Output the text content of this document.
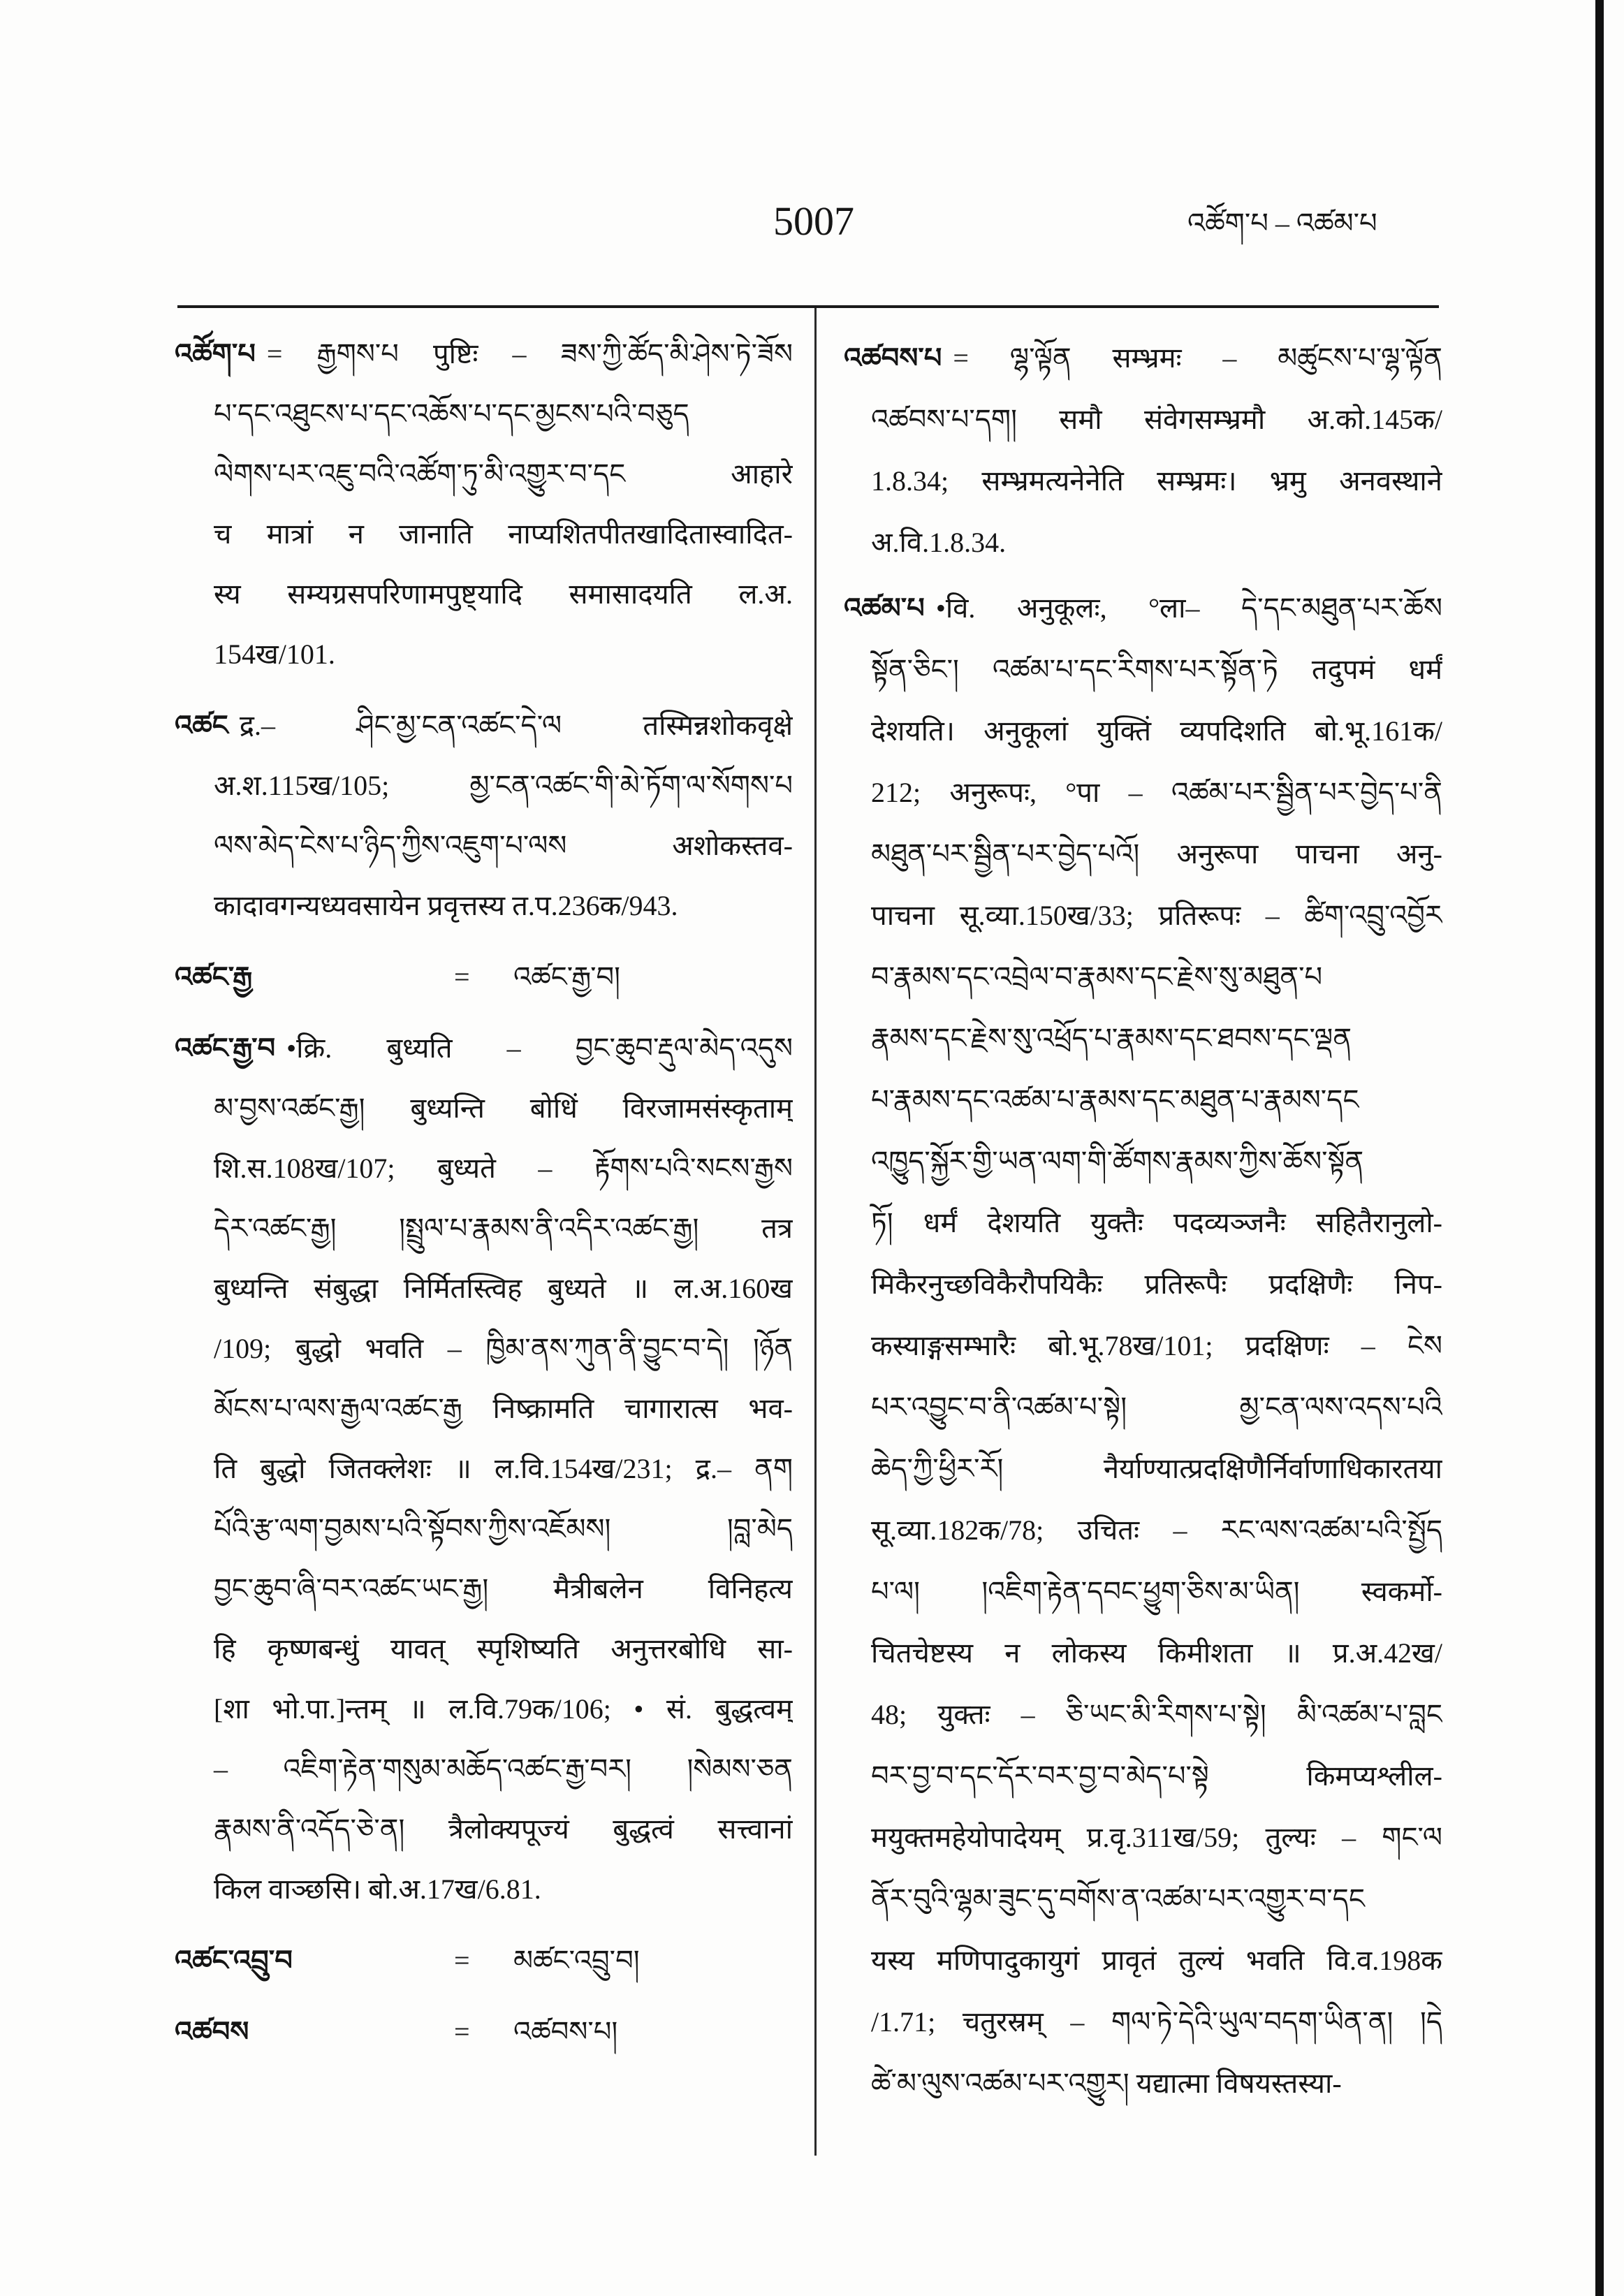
5007	འཚོག་པ – འཚམ་པ
འཚོག་པ = རྒྱགས་པ पुष्टिः – ཟས་ཀྱི་ཚོད་མི་ཤེས་ཏེ་ཟོས
པ་དང་འཐུངས་པ་དང་འཆོས་པ་དང་མྱངས་པའི་བཅུད
ལེགས་པར་འཇུ་བའི་འཚོག་ཏུ་མི་འགྱུར་བ་དང आहारे
च मात्रां न जानाति नाप्यशितपीतखादितास्वादित-
स्य सम्यग्रसपरिणामपुष्ट्यादि समासादयति ल.अ.
154ख/101.
འཚང द्र.– ཤིང་མྱ་ངན་འཚང་དེ་ལ तस्मिन्नशोकवृक्षे
अ.श.115ख/105; མྱ་ངན་འཚང་གི་མེ་ཏོག་ལ་སོགས་པ
ལས་མེད་ངེས་པ་ཉིད་ཀྱིས་འཇུག་པ་ལས अशोकस्तव-
कादावगन्यध्यवसायेन प्रवृत्तस्य त.प.236क/943.
འཚང་རྒྱ	= འཚང་རྒྱ་བ།
འཚང་རྒྱ་བ •क्रि. बुध्यति – བྱང་ཆུབ་རྡུལ་མེད་འདུས
མ་བྱས་འཚང་རྒྱ། बुध्यन्ति बोधिं विरजामसंस्कृताम्
शि.स.108ख/107; बुध्यते – རྟོགས་པའི་སངས་རྒྱས
དེར་འཚང་རྒྱ། །སྤྲུལ་པ་རྣམས་ནི་འདིར་འཚང་རྒྱ། तत्र
बुध्यन्ति संबुद्धा निर्मितस्त्विह बुध्यते ॥ ल.अ.160ख
/109; बुद्धो भवति – ཁྱིམ་ནས་ཀུན་ནི་བྱུང་བ་དེ། །ཉོན
མོངས་པ་ལས་རྒྱལ་འཚང་རྒྱ निष्क्रामति चागारात्स भव-
ति बुद्धो जितक्लेशः ॥ ल.वि.154ख/231; द्र.– ནག
པོའི་རྩ་ལག་བྱམས་པའི་སྟོབས་ཀྱིས་འཇོམས། །བླ་མེད
བྱང་ཆུབ་ཞི་བར་འཚང་ཡང་རྒྱ། मैत्रीबलेन विनिहत्य
हि कृष्णबन्धुं यावत् स्पृशिष्यति अनुत्तरबोधि सा-
[शा भो.पा.]न्तम् ॥ ल.वि.79क/106; • सं. बुद्धत्वम्
– འཇིག་རྟེན་གསུམ་མཆོད་འཚང་རྒྱ་བར། །སེམས་ཅན
རྣམས་ནི་འདོད་ཅེ་ན། त्रैलोक्यपूज्यं बुद्धत्वं सत्त्वानां
किल वाञ्छसि। बो.अ.17ख/6.81.
འཚང་འབྲུ་བ	= མཚང་འབྲུ་བ།
འཚབས	= འཚབས་པ།
འཚབས་པ = ལྷ་ལྟོན सम्भ्रमः – མཚུངས་པ་ལྷ་ལྟོན
འཚབས་པ་དག། समौ संवेगसम्भ्रमौ अ.को.145क/
1.8.34; सम्भ्रमत्यनेनेति सम्भ्रमः। भ्रमु अनवस्थाने
अ.वि.1.8.34.
འཚམ་པ •वि. अनुकूलः, °ला– དེ་དང་མཐུན་པར་ཆོས
སྟོན་ཅིང་། འཚམ་པ་དང་རིགས་པར་སྟོན་ཏེ तदुपमं धर्मं
देशयति। अनुकूलां युक्तिं व्यपदिशति बो.भू.161क/
212; अनुरूपः, °पा – འཚམ་པར་སྦྱིན་པར་བྱེད་པ་ནི
མཐུན་པར་སྦྱིན་པར་བྱེད་པའོ། अनुरूपा पाचना अनु-
पाचना सू.व्या.150ख/33; प्रतिरूपः – ཚིག་འབྲུ་འབྱོར
བ་རྣམས་དང་འབྲེལ་བ་རྣམས་དང་རྗེས་སུ་མཐུན་པ
རྣམས་དང་རྗེས་སུ་འཕྲོད་པ་རྣམས་དང་ཐབས་དང་ལྡན
པ་རྣམས་དང་འཚམ་པ་རྣམས་དང་མཐུན་པ་རྣམས་དང
འཁྱུད་སྐྱོར་གྱི་ཡན་ལག་གི་ཚོགས་རྣམས་ཀྱིས་ཆོས་སྟོན
ཏོ། धर्मं देशयति युक्तैः पदव्यञ्जनैः सहितैरानुलो-
मिकैरनुच्छविकैरौपयिकैः प्रतिरूपैः प्रदक्षिणैः निप-
कस्याङ्गसम्भारैः बो.भू.78ख/101; प्रदक्षिणः – ངེས
པར་འབྱུང་བ་ནི་འཚམ་པ་སྟེ། མྱ་ངན་ལས་འདས་པའི
ཆེད་ཀྱི་ཕྱིར་རོ། नैर्याण्यात्प्रदक्षिणैर्निर्वाणाधिकारतया
सू.व्या.182क/78; उचितः – རང་ལས་འཚམ་པའི་སྤྱོད
པ་ལ། །འཇིག་རྟེན་དབང་ཕྱུག་ཅིས་མ་ཡིན། स्वकर्मो-
चितचेष्टस्य न लोकस्य किमीशता ॥ प्र.अ.42ख/
48; युक्तः – ཅི་ཡང་མི་རིགས་པ་སྟེ། མི་འཚམ་པ་བླང
བར་བྱ་བ་དང་དོར་བར་བྱ་བ་མེད་པ་སྟེ किमप्यश्लील-
मयुक्तमहेयोपादेयम् प्र.वृ.311ख/59; तुल्यः – གང་ལ
ནོར་བུའི་ལྷམ་ཟུང་དུ་བགོས་ན་འཚམ་པར་འགྱུར་བ་དང
यस्य मणिपादुकायुगं प्रावृतं तुल्यं भवति वि.व.198क
/1.71; चतुरस्रम् – གལ་ཏེ་དེའི་ཡུལ་བདག་ཡིན་ན། །དེ
ཚེ་མ་ལུས་འཚམ་པར་འགྱུར། यद्यात्मा विषयस्तस्या-
